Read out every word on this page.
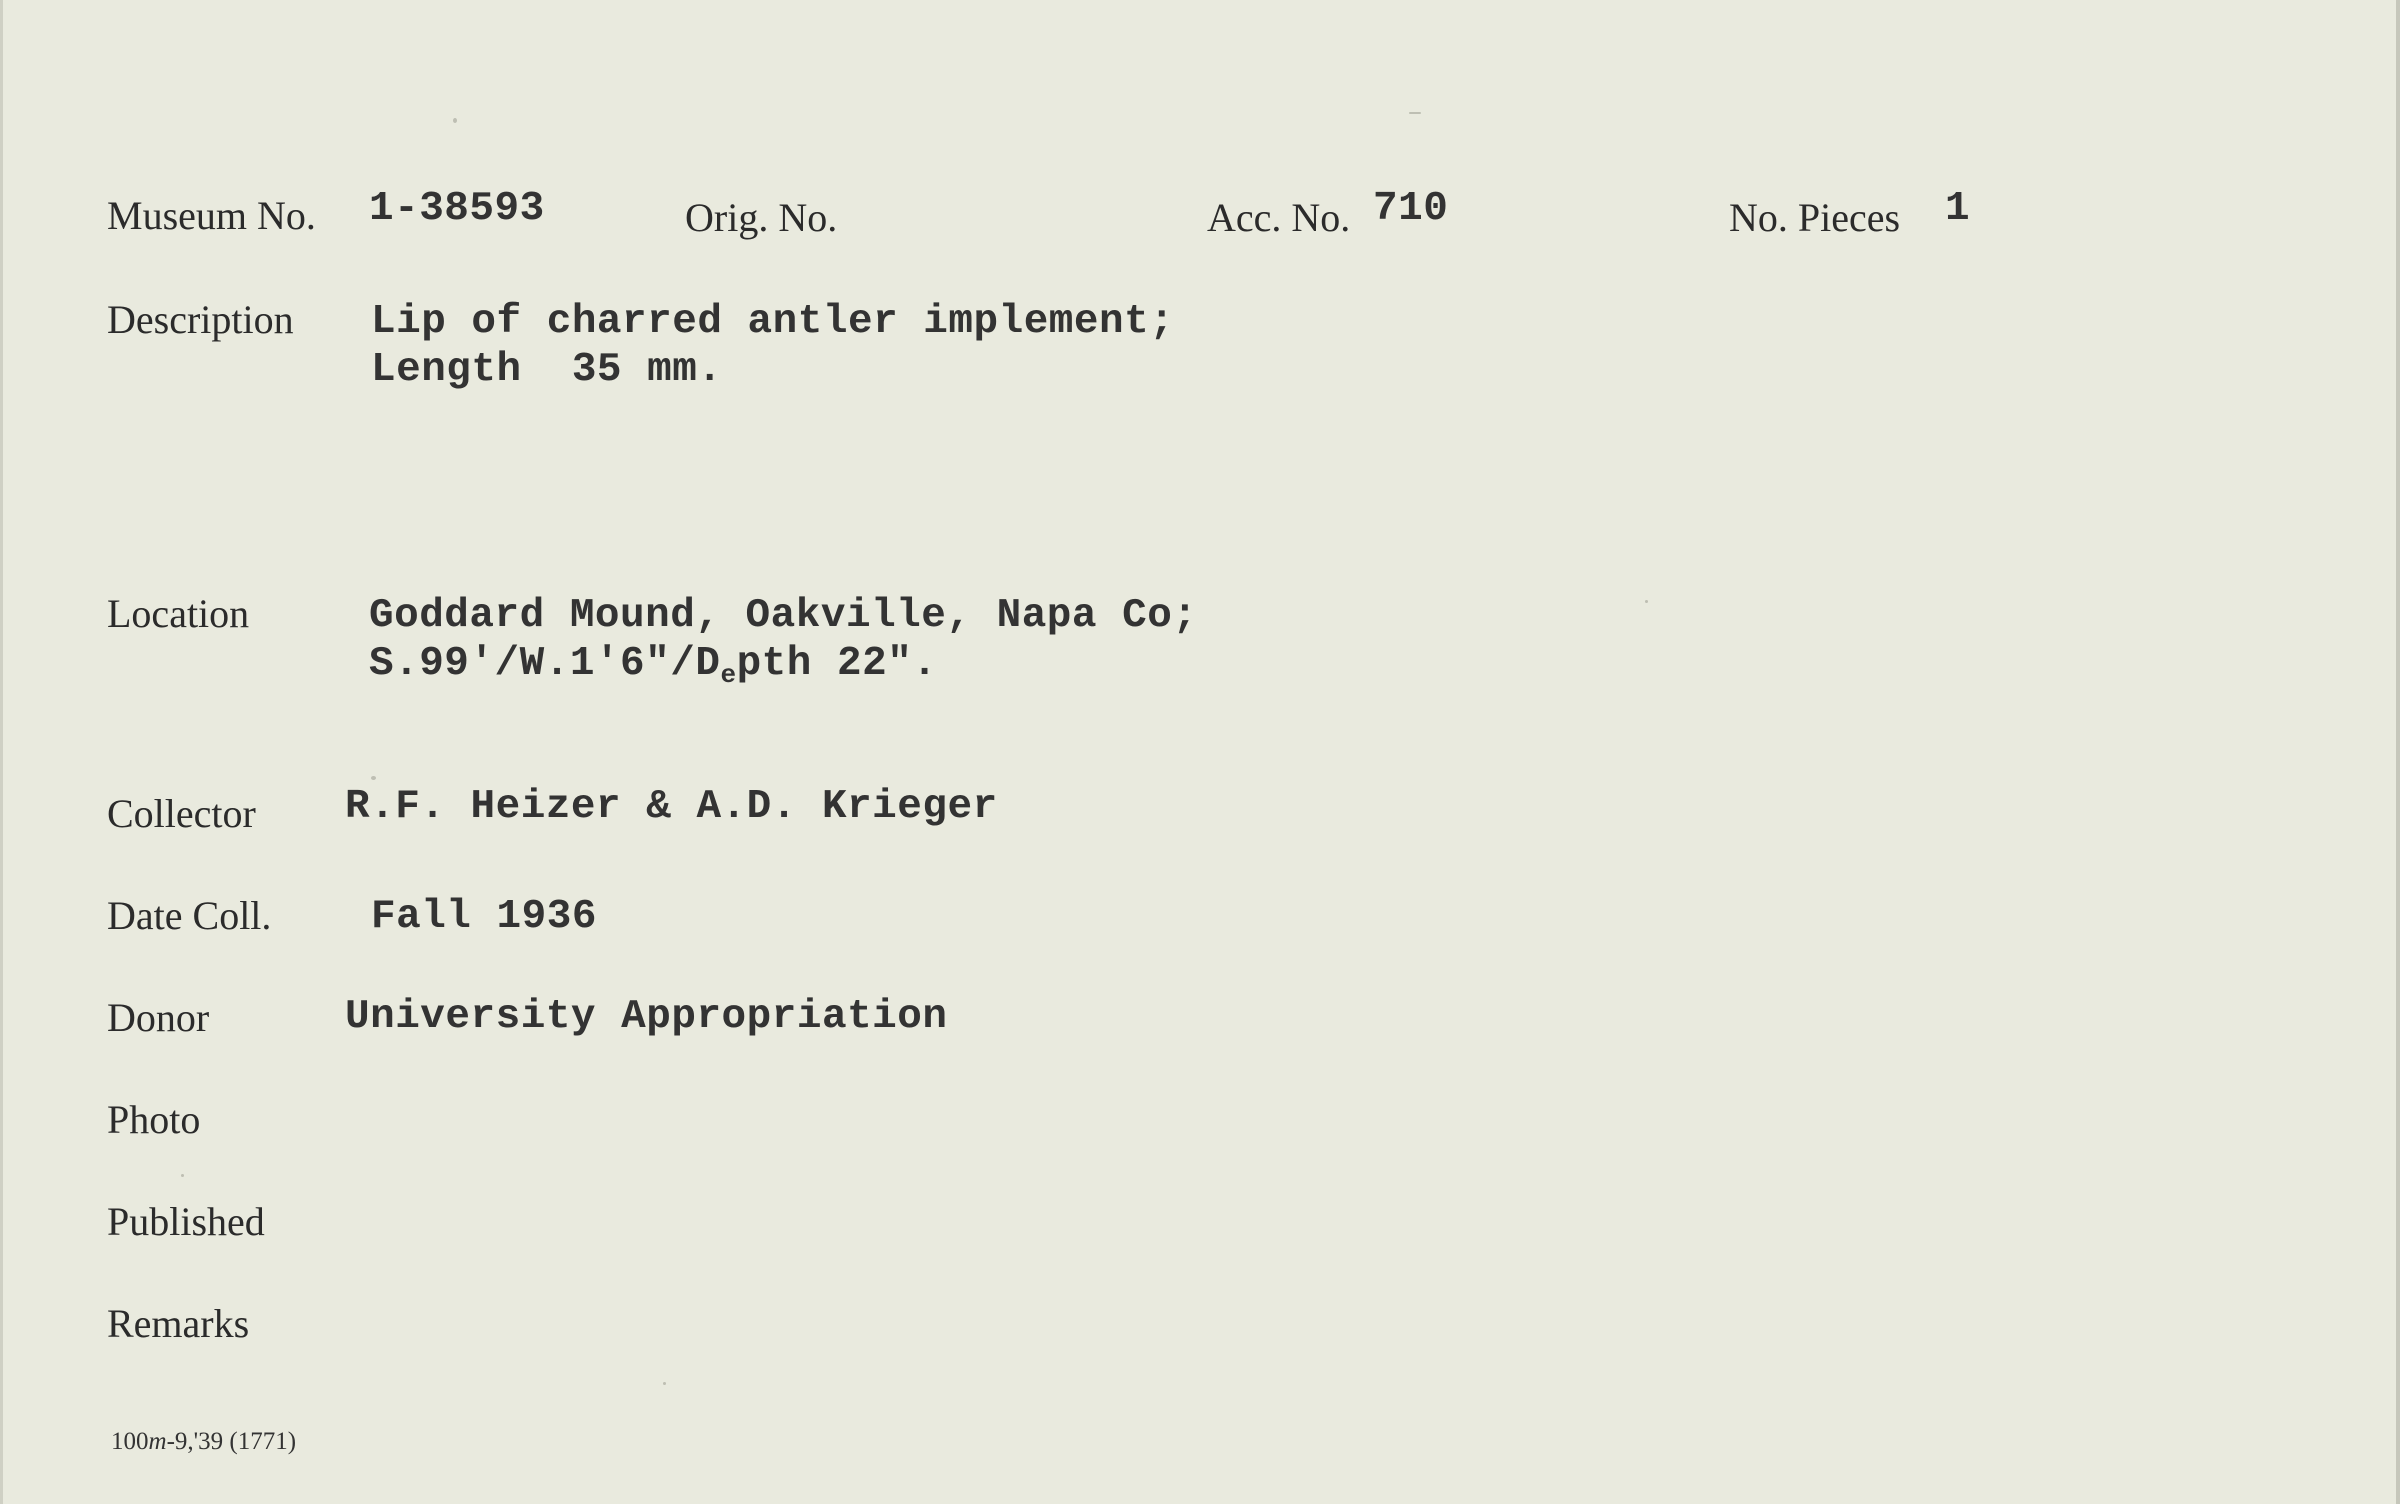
Museum No. 1-38593	Orig. No.	Acc. No. 710	No. Pieces 1
Description Lip of charred antler implement;
Length  35 mm.
Location	Goddard Mound, Oakville, Napa Co;
$S.99'/W.1'6"/D_epth$ 22".
Collector R.F. Heizer & A.D. Krieger
Date Coll. Fall 1936
Donor	University Appropriation
Photo
Published
Remarks
100m-9,'39 (1771)
